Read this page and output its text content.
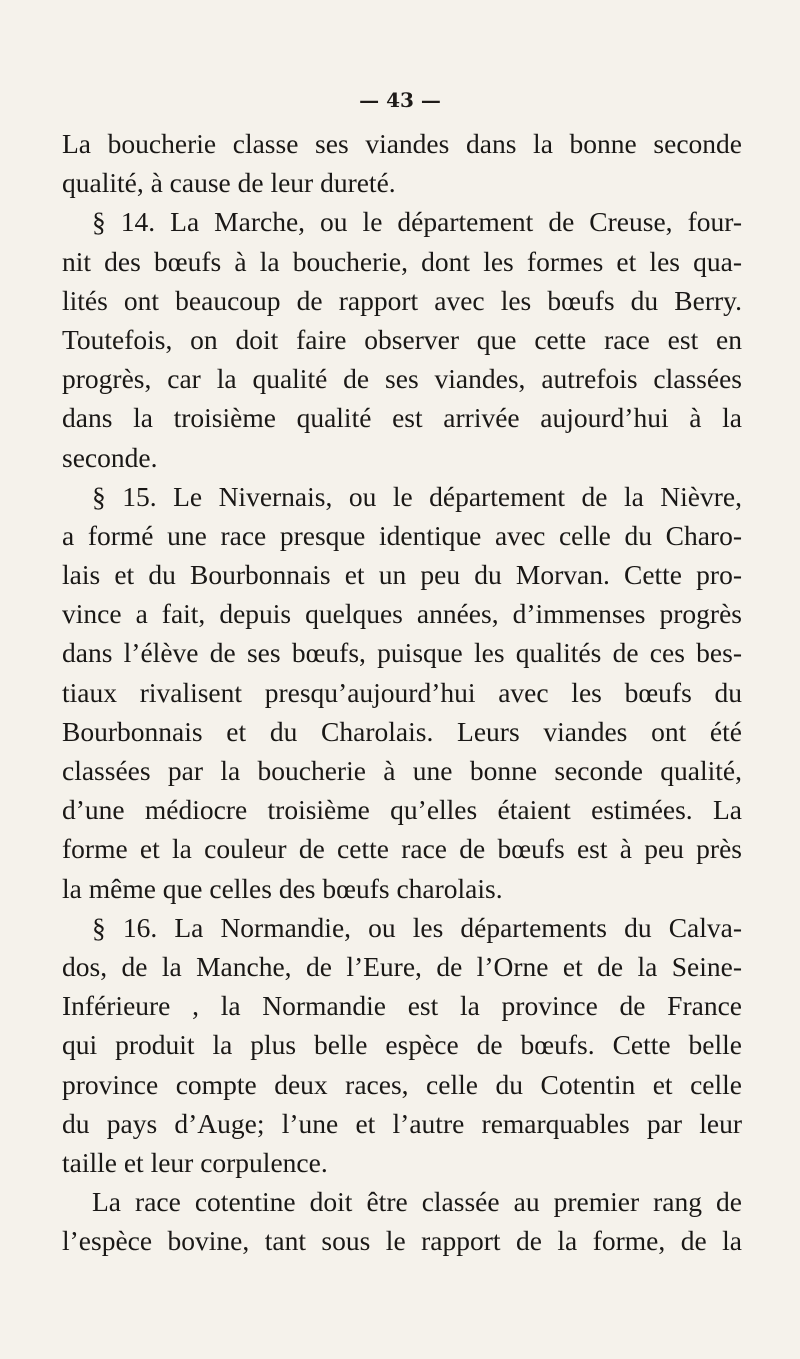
— 43 —
La boucherie classe ses viandes dans la bonne seconde
qualité, à cause de leur dureté.
§ 14. La Marche, ou le département de Creuse, four-
nit des bœufs à la boucherie, dont les formes et les qua-
lités ont beaucoup de rapport avec les bœufs du Berry.
Toutefois, on doit faire observer que cette race est en
progrès, car la qualité de ses viandes, autrefois classées
dans la troisième qualité est arrivée aujourd’hui à la
seconde.
§ 15. Le Nivernais, ou le département de la Nièvre,
a formé une race presque identique avec celle du Charo-
lais et du Bourbonnais et un peu du Morvan. Cette pro-
vince a fait, depuis quelques années, d’immenses progrès
dans l’élève de ses bœufs, puisque les qualités de ces bes-
tiaux rivalisent presqu’aujourd’hui avec les bœufs du
Bourbonnais et du Charolais. Leurs viandes ont été
classées par la boucherie à une bonne seconde qualité,
d’une médiocre troisième qu’elles étaient estimées. La
forme et la couleur de cette race de bœufs est à peu près
la même que celles des bœufs charolais.
§ 16. La Normandie, ou les départements du Calva-
dos, de la Manche, de l’Eure, de l’Orne et de la Seine-
Inférieure , la Normandie est la province de France
qui produit la plus belle espèce de bœufs. Cette belle
province compte deux races, celle du Cotentin et celle
du pays d’Auge; l’une et l’autre remarquables par leur
taille et leur corpulence.
La race cotentine doit être classée au premier rang de
l’espèce bovine, tant sous le rapport de la forme, de la
